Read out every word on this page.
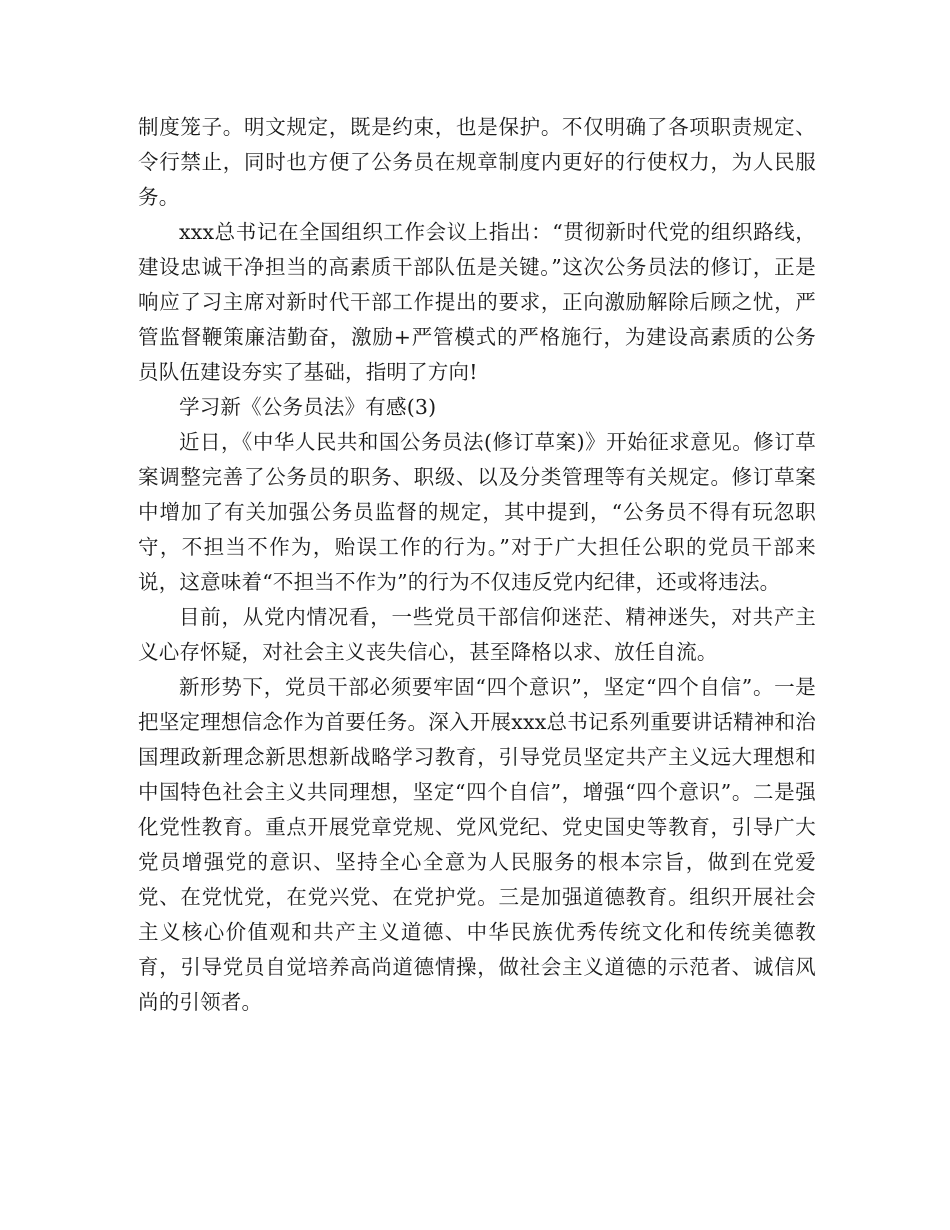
制度笼子。明文规定，既是约束，也是保护。不仅明确了各项职责规定、令行禁止，同时也方便了公务员在规章制度内更好的行使权力，为人民服务。

xxx总书记在全国组织工作会议上指出：“贯彻新时代党的组织路线，建设忠诚干净担当的高素质干部队伍是关键。”这次公务员法的修订，正是响应了习主席对新时代干部工作提出的要求，正向激励解除后顾之忧，严管监督鞭策廉洁勤奋，激励+严管模式的严格施行，为建设高素质的公务员队伍建设夯实了基础，指明了方向!

学习新《公务员法》有感(3)

近日，《中华人民共和国公务员法(修订草案)》开始征求意见。修订草案调整完善了公务员的职务、职级、以及分类管理等有关规定。修订草案中增加了有关加强公务员监督的规定，其中提到，“公务员不得有玩忽职守，不担当不作为，贻误工作的行为。”对于广大担任公职的党员干部来说，这意味着“不担当不作为”的行为不仅违反党内纪律，还或将违法。

目前，从党内情况看，一些党员干部信仰迷茫、精神迷失，对共产主义心存怀疑，对社会主义丧失信心，甚至降格以求、放任自流。

新形势下，党员干部必须要牢固“四个意识”，坚定“四个自信”。一是把坚定理想信念作为首要任务。深入开展xxx总书记系列重要讲话精神和治国理政新理念新思想新战略学习教育，引导党员坚定共产主义远大理想和中国特色社会主义共同理想，坚定“四个自信”，增强“四个意识”。二是强化党性教育。重点开展党章党规、党风党纪、党史国史等教育，引导广大党员增强党的意识、坚持全心全意为人民服务的根本宗旨，做到在党爱党、在党忧党，在党兴党、在党护党。三是加强道德教育。组织开展社会主义核心价值观和共产主义道德、中华民族优秀传统文化和传统美德教育，引导党员自觉培养高尚道德情操，做社会主义道德的示范者、诚信风尚的引领者。
